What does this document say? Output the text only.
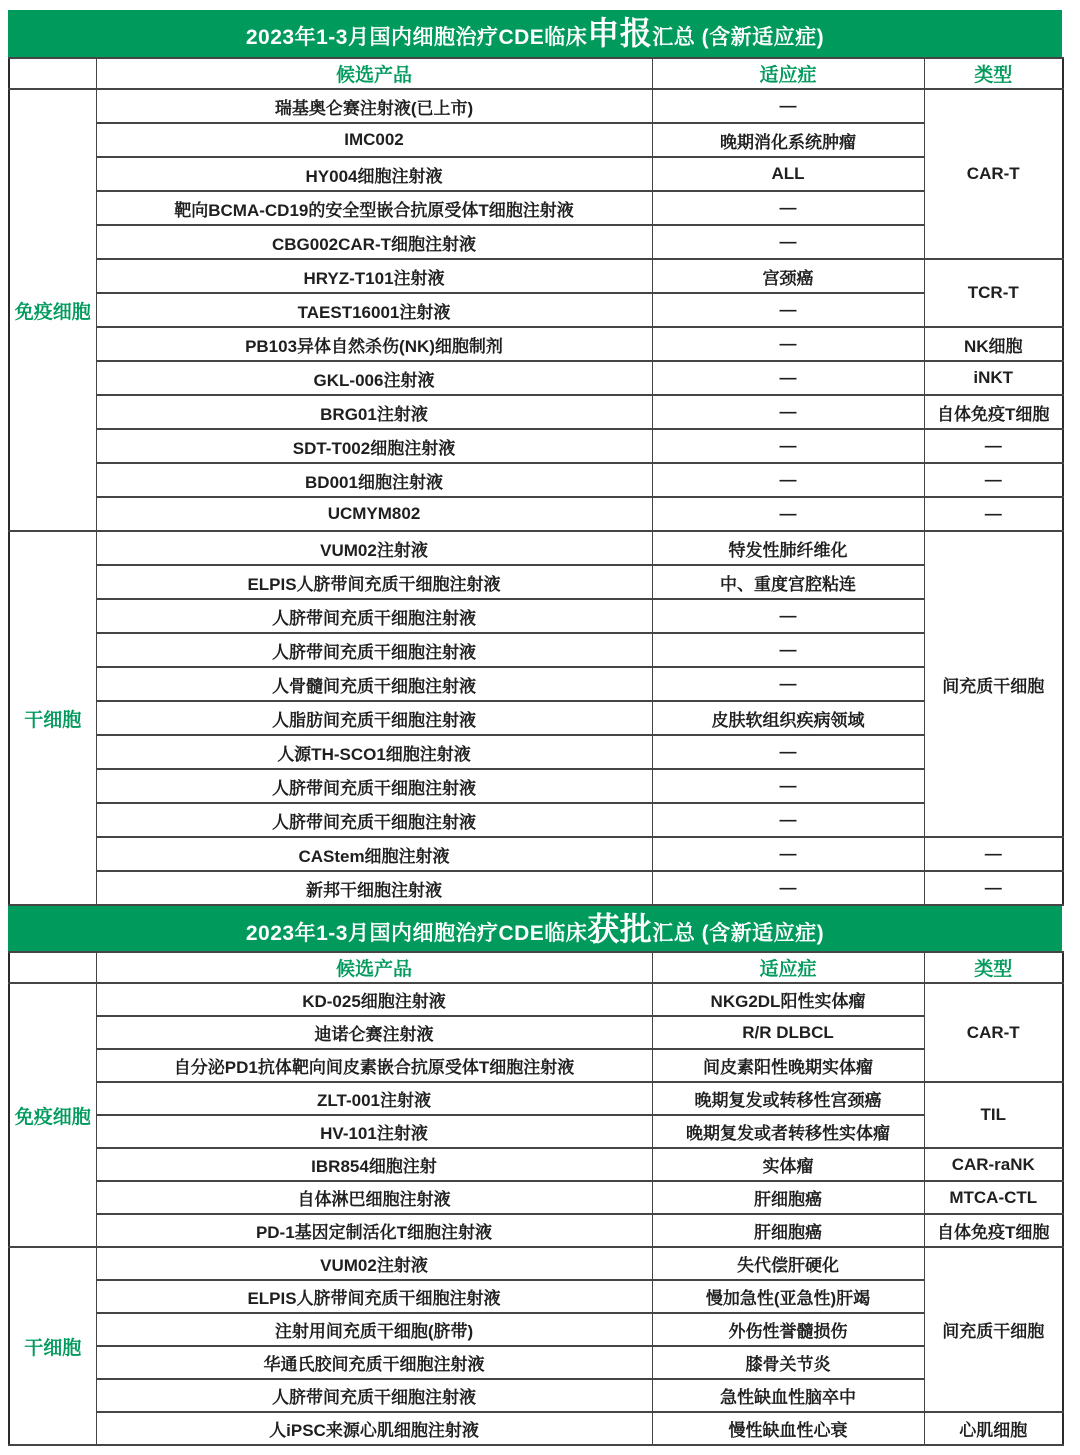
2023年1-3月国内细胞治疗CDE临床 申报 汇总 (含新适应症)
	候选产品	适应症	类型
免疫细胞	瑞基奥仑赛注射液(已上市)	—	CAR-T
	IMC002	晚期消化系统肿瘤	
	HY004细胞注射液	ALL	
	靶向BCMA-CD19的安全型嵌合抗原受体T细胞注射液	—	
	CBG002CAR-T细胞注射液	—	
	HRYZ-T101注射液	宫颈癌	TCR-T
	TAEST16001注射液	—	
	PB103异体自然杀伤(NK)细胞制剂	—	NK细胞
	GKL-006注射液	—	iNKT
	BRG01注射液	—	自体免疫T细胞
	SDT-T002细胞注射液	—	—
	BD001细胞注射液	—	—
	UCMYM802	—	—
干细胞	VUM02注射液	特发性肺纤维化	间充质干细胞
	ELPIS人脐带间充质干细胞注射液	中、重度宫腔粘连	
	人脐带间充质干细胞注射液	—	
	人脐带间充质干细胞注射液	—	
	人骨髓间充质干细胞注射液	—	
	人脂肪间充质干细胞注射液	皮肤软组织疾病领域	
	人源TH-SCO1细胞注射液	—	
	人脐带间充质干细胞注射液	—	
	人脐带间充质干细胞注射液	—	
	CAStem细胞注射液	—	—
	新邦干细胞注射液	—	—
2023年1-3月国内细胞治疗CDE临床 获批 汇总 (含新适应症)
	候选产品	适应症	类型
免疫细胞	KD-025细胞注射液	NKG2DL阳性实体瘤	CAR-T
	迪诺仑赛注射液	R/R DLBCL	
	自分泌PD1抗体靶向间皮素嵌合抗原受体T细胞注射液	间皮素阳性晚期实体瘤	
	ZLT-001注射液	晚期复发或转移性宫颈癌	TIL
	HV-101注射液	晚期复发或者转移性实体瘤	
	IBR854细胞注射	实体瘤	CAR-raNK
	自体淋巴细胞注射液	肝细胞癌	MTCA-CTL
	PD-1基因定制活化T细胞注射液	肝细胞癌	自体免疫T细胞
干细胞	VUM02注射液	失代偿肝硬化	间充质干细胞
	ELPIS人脐带间充质干细胞注射液	慢加急性(亚急性)肝竭	
	注射用间充质干细胞(脐带)	外伤性誉髓损伤	
	华通氏胶间充质干细胞注射液	膝骨关节炎	
	人脐带间充质干细胞注射液	急性缺血性脑卒中	
	人iPSC来源心肌细胞注射液	慢性缺血性心衰	心肌细胞
